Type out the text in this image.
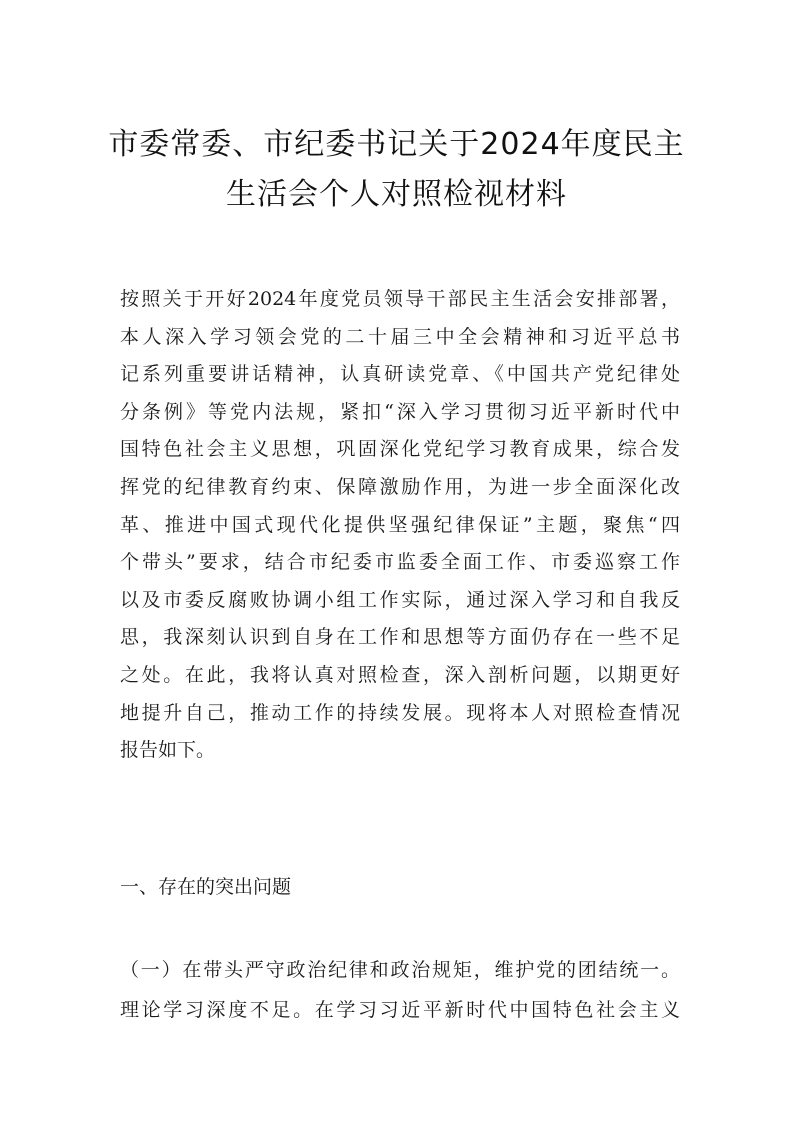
市委常委、市纪委书记关于2024年度民主
生活会个人对照检视材料
按照关于开好2024年度党员领导干部民主生活会安排部署，
本人深入学习领会党的二十届三中全会精神和习近平总书
记系列重要讲话精神，认真研读党章、《中国共产党纪律处
分条例》等党内法规，紧扣“深入学习贯彻习近平新时代中
国特色社会主义思想，巩固深化党纪学习教育成果，综合发
挥党的纪律教育约束、保障激励作用，为进一步全面深化改
革、推进中国式现代化提供坚强纪律保证”主题，聚焦“四
个带头”要求，结合市纪委市监委全面工作、市委巡察工作
以及市委反腐败协调小组工作实际，通过深入学习和自我反
思，我深刻认识到自身在工作和思想等方面仍存在一些不足
之处。在此，我将认真对照检查，深入剖析问题，以期更好
地提升自己，推动工作的持续发展。现将本人对照检查情况
报告如下。
一、存在的突出问题
（一）在带头严守政治纪律和政治规矩，维护党的团结统一。
理论学习深度不足。在学习习近平新时代中国特色社会主义
